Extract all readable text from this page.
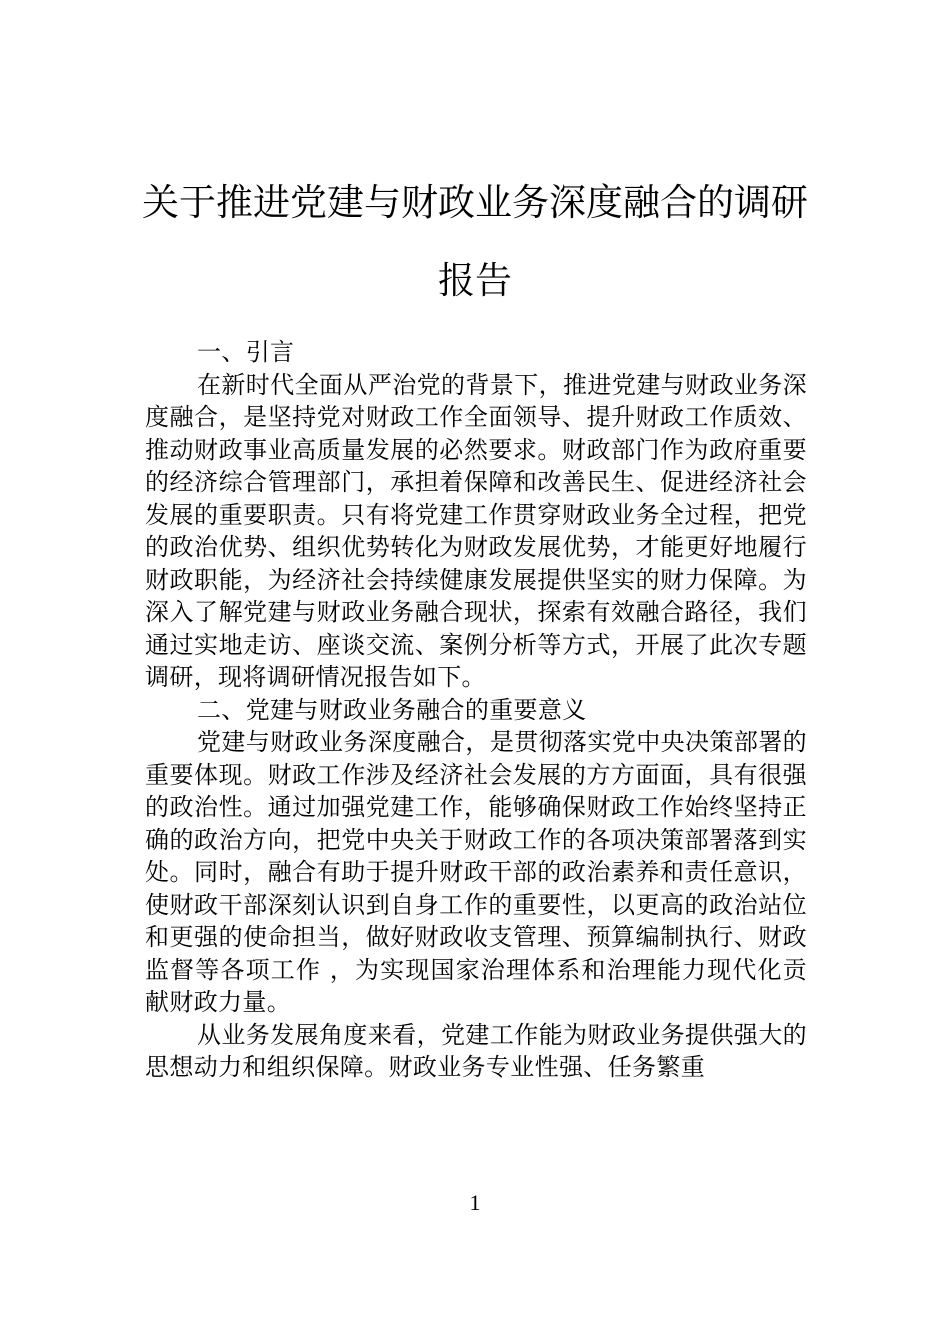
关于推进党建与财政业务深度融合的调研报告

一、引言

在新时代全面从严治党的背景下，推进党建与财政业务深度融合，是坚持党对财政工作全面领导、提升财政工作质效、推动财政事业高质量发展的必然要求。财政部门作为政府重要的经济综合管理部门，承担着保障和改善民生、促进经济社会发展的重要职责。只有将党建工作贯穿财政业务全过程，把党的政治优势、组织优势转化为财政发展优势，才能更好地履行财政职能，为经济社会持续健康发展提供坚实的财力保障。为深入了解党建与财政业务融合现状，探索有效融合路径，我们通过实地走访、座谈交流、案例分析等方式，开展了此次专题调研，现将调研情况报告如下。

二、党建与财政业务融合的重要意义

党建与财政业务深度融合，是贯彻落实党中央决策部署的重要体现。财政工作涉及经济社会发展的方方面面，具有很强的政治性。通过加强党建工作，能够确保财政工作始终坚持正确的政治方向，把党中央关于财政工作的各项决策部署落到实处。同时，融合有助于提升财政干部的政治素养和责任意识，使财政干部深刻认识到自身工作的重要性，以更高的政治站位和更强的使命担当，做好财政收支管理、预算编制执行、财政监督等各项工作 ，为实现国家治理体系和治理能力现代化贡献财政力量。

从业务发展角度来看，党建工作能为财政业务提供强大的思想动力和组织保障。财政业务专业性强、任务繁重

1
